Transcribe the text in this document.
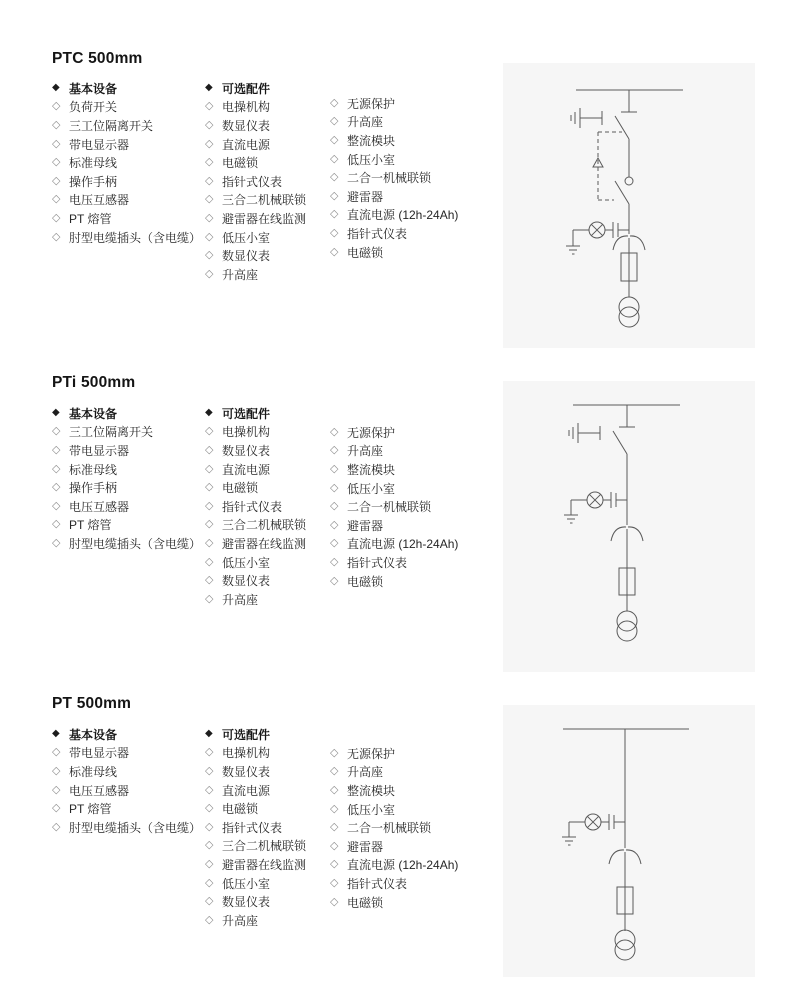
PTC 500mm
◆ 基本设备
◇ 负荷开关
◇ 三工位隔离开关
◇ 带电显示器
◇ 标准母线
◇ 操作手柄
◇ 电压互感器
◇ PT 熔管
◇ 肘型电缆插头（含电缆）
◆ 可选配件
◇ 电操机构
◇ 数显仪表
◇ 直流电源
◇ 电磁锁
◇ 指针式仪表
◇ 三合二机械联锁
◇ 避雷器在线监测
◇ 低压小室
◇ 数显仪表
◇ 升高座
◇ 无源保护
◇ 升高座
◇ 整流模块
◇ 低压小室
◇ 二合一机械联锁
◇ 避雷器
◇ 直流电源 (12h-24Ah)
◇ 指针式仪表
◇ 电磁锁
PTi 500mm
◆ 基本设备
◇ 三工位隔离开关
◇ 带电显示器
◇ 标准母线
◇ 操作手柄
◇ 电压互感器
◇ PT 熔管
◇ 肘型电缆插头（含电缆）
◆ 可选配件
◇ 电操机构
◇ 数显仪表
◇ 直流电源
◇ 电磁锁
◇ 指针式仪表
◇ 三合二机械联锁
◇ 避雷器在线监测
◇ 低压小室
◇ 数显仪表
◇ 升高座
◇ 无源保护
◇ 升高座
◇ 整流模块
◇ 低压小室
◇ 二合一机械联锁
◇ 避雷器
◇ 直流电源 (12h-24Ah)
◇ 指针式仪表
◇ 电磁锁
PT 500mm
◆ 基本设备
◇ 带电显示器
◇ 标准母线
◇ 电压互感器
◇ PT 熔管
◇ 肘型电缆插头（含电缆）
◆ 可选配件
◇ 电操机构
◇ 数显仪表
◇ 直流电源
◇ 电磁锁
◇ 指针式仪表
◇ 三合二机械联锁
◇ 避雷器在线监测
◇ 低压小室
◇ 数显仪表
◇ 升高座
◇ 无源保护
◇ 升高座
◇ 整流模块
◇ 低压小室
◇ 二合一机械联锁
◇ 避雷器
◇ 直流电源 (12h-24Ah)
◇ 指针式仪表
◇ 电磁锁
